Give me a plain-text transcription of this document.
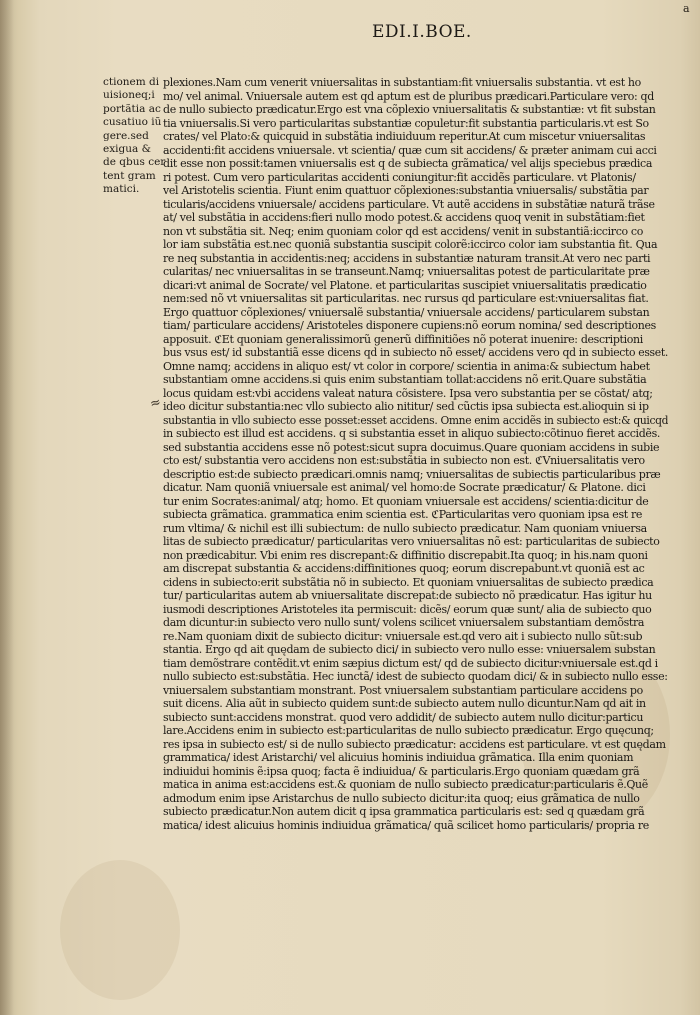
a
EDI.I.BOE.
ctionem di
uisioneq;i
portãtia ac
cusatiuo iũ
gere.sed
exigua &
de qbus cer
tent gram
matici.
≈
plexiones.Nam cum venerit vniuersalitas in substantiam:fit vniuersalis substantia. vt est ho
mo/ vel animal. Vniuersale autem est qd aptum est de pluribus prædicari.Particulare vero: qd
de nullo subiecto prædicatur.Ergo est vna cõplexio vniuersalitatis & substantiæ: vt fit substan
tia vniuersalis.Si vero particularitas substantiæ copuletur:fit substantia particularis.vt est So
crates/ vel Plato:& quicquid in substãtia indiuiduum reperitur.At cum miscetur vniuersalitas
accidenti:fit accidens vniuersale. vt scientia/ quæ cum sit accidens/ & præter animam cui acci
dit esse non possit:tamen vniuersalis est q de subiecta grãmatica/ vel alijs speciebus prædica
ri potest. Cum vero particularitas accidenti coniungitur:fit accidẽs particulare. vt Platonis/
vel Aristotelis scientia. Fiunt enim quattuor cõplexiones:substantia vniuersalis/ substãtia par
ticularis/accidens vniuersale/ accidens particulare. Vt autẽ accidens in substãtiæ naturã trãse
at/ vel substãtia in accidens:fieri nullo modo potest.& accidens quoq venit in substãtiam:fiet
non vt substãtia sit. Neq; enim quoniam color qd est accidens/ venit in substantiã:iccirco co
lor iam substãtia est.nec quoniã substantia suscipit colorẽ:iccirco color iam substantia fit. Qua
re neq substantia in accidentis:neq; accidens in substantiæ naturam transit.At vero nec parti
cularitas/ nec vniuersalitas in se transeunt.Namq; vniuersalitas potest de particularitate præ
dicari:vt animal de Socrate/ vel Platone. et particularitas suscipiet vniuersalitatis prædicatio
nem:sed nõ vt vniuersalitas sit particularitas. nec rursus qd particulare est:vniuersalitas fiat.
Ergo quattuor cõplexiones/ vniuersalẽ substantia/ vniuersale accidens/ particularem substan
tiam/ particulare accidens/ Aristoteles disponere cupiens:nõ eorum nomina/ sed descriptiones
apposuit. ℭEt quoniam generalissimorũ generũ diffinitiões nõ poterat inuenire: descriptioni
bus vsus est/ id substantiã esse dicens qd in subiecto nõ esset/ accidens vero qd in subiecto esset.
Omne namq; accidens in aliquo est/ vt color in corpore/ scientia in anima:& subiectum habet
substantiam omne accidens.si quis enim substantiam tollat:accidens nõ erit.Quare substãtia
locus quidam est:vbi accidens valeat natura cõsistere. Ipsa vero substantia per se cõstat/ atq;
ideo dicitur substantia:nec vllo subiecto alio nititur/ sed cũctis ipsa subiecta est.alioquin si ip
substantia in vllo subiecto esse posset:esset accidens. Omne enim accidẽs in subiecto est:& quicqd
in subiecto est illud est accidens. q si substantia esset in aliquo subiecto:cõtinuo fieret accidẽs.
sed substantia accidens esse nõ potest:sicut supra docuimus.Quare quoniam accidens in subie
cto est/ substantia vero accidens non est:substãtia in subiecto non est. ℭVniuersalitatis vero
descriptio est:de subiecto prædicari.omnis namq; vniuersalitas de subiectis particularibus præ
dicatur. Nam quoniã vniuersale est animal/ vel homo:de Socrate prædicatur/ & Platone. dici
tur enim Socrates:animal/ atq; homo. Et quoniam vniuersale est accidens/ scientia:dicitur de
subiecta grãmatica. grammatica enim scientia est. ℭParticularitas vero quoniam ipsa est re
rum vltima/ & nichil est illi subiectum: de nullo subiecto prædicatur. Nam quoniam vniuersa
litas de subiecto prædicatur/ particularitas vero vniuersalitas nõ est: particularitas de subiecto
non prædicabitur. Vbi enim res discrepant:& diffinitio discrepabit.Ita quoq; in his.nam quoni
am discrepat substantia & accidens:diffinitiones quoq; eorum discrepabunt.vt quoniã est ac
cidens in subiecto:erit substãtia nõ in subiecto. Et quoniam vniuersalitas de subiecto prædica
tur/ particularitas autem ab vniuersalitate discrepat:de subiecto nõ prædicatur. Has igitur hu
iusmodi descriptiones Aristoteles ita permiscuit: dicẽs/ eorum quæ sunt/ alia de subiecto quo
dam dicuntur:in subiecto vero nullo sunt/ volens scilicet vniuersalem substantiam demõstra
re.Nam quoniam dixit de subiecto dicitur: vniuersale est.qd vero ait i subiecto nullo sũt:sub
stantia. Ergo qd ait quędam de subiecto dici/ in subiecto vero nullo esse: vniuersalem substan
tiam demõstrare contẽdit.vt enim sæpius dictum est/ qd de subiecto dicitur:vniuersale est.qd i
nullo subiecto est:substãtia. Hec iunctã/ idest de subiecto quodam dici/ & in subiecto nullo esse:
vniuersalem substantiam monstrant. Post vniuersalem substantiam particulare accidens po
suit dicens. Alia aũt in subiecto quidem sunt:de subiecto autem nullo dicuntur.Nam qd ait in
subiecto sunt:accidens monstrat. quod vero addidit/ de subiecto autem nullo dicitur:particu
lare.Accidens enim in subiecto est:particularitas de nullo subiecto prædicatur. Ergo quęcunq;
res ipsa in subiecto est/ si de nullo subiecto prædicatur: accidens est particulare. vt est quędam
grammatica/ idest Aristarchi/ vel alicuius hominis indiuidua grãmatica. Illa enim quoniam
indiuidui hominis ẽ:ipsa quoq; facta ẽ indiuidua/ & particularis.Ergo quoniam quædam grã
matica in anima est:accidens est.& quoniam de nullo subiecto prædicatur:particularis ẽ.Quẽ
admodum enim ipse Aristarchus de nullo subiecto dicitur:ita quoq; eius grãmatica de nullo
subiecto prædicatur.Non autem dicit q ipsa grammatica particularis est: sed q quædam grã
matica/ idest alicuius hominis indiuidua grãmatica/ quã scilicet homo particularis/ propria re
